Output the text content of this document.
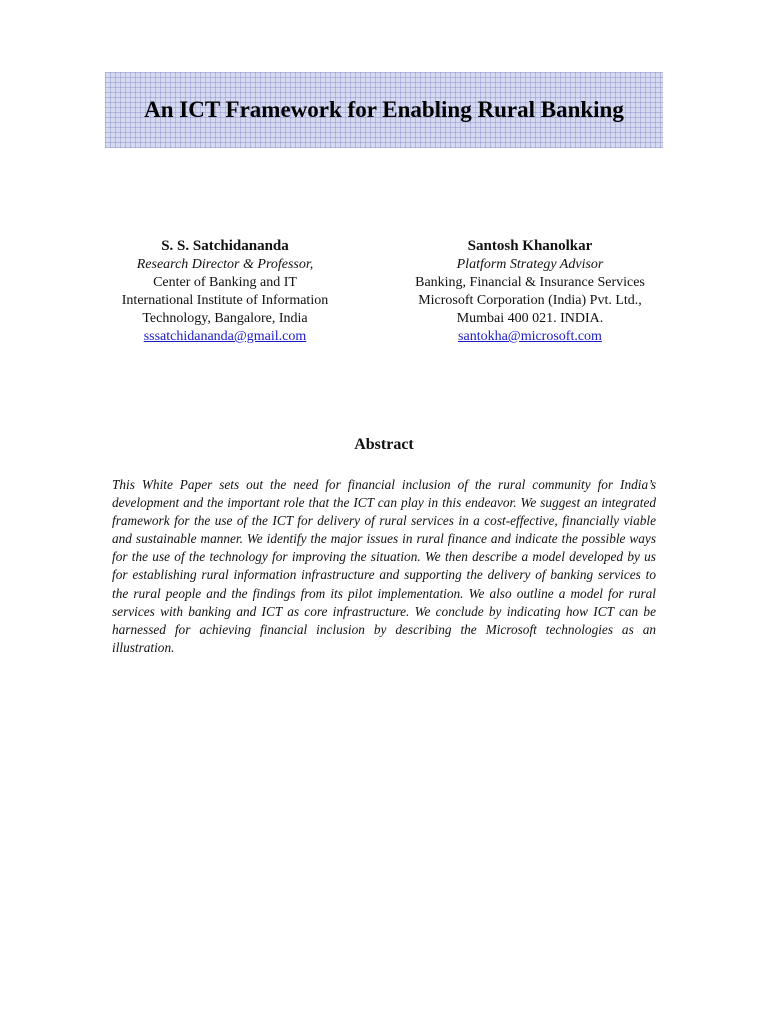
An ICT Framework for Enabling Rural Banking
S. S. Satchidananda
Research Director & Professor,
Center of Banking and IT
International Institute of Information
Technology, Bangalore, India
sssatchidananda@gmail.com
Santosh Khanolkar
Platform Strategy Advisor
Banking, Financial & Insurance Services
Microsoft Corporation (India) Pvt. Ltd.,
Mumbai 400 021. INDIA.
santokha@microsoft.com
Abstract

This White Paper sets out the need for financial inclusion of the rural community for India’s development and the important role that the ICT can play in this endeavor. We suggest an integrated framework for the use of the ICT for delivery of rural services in a cost-effective, financially viable and sustainable manner. We identify the major issues in rural finance and indicate the possible ways for the use of the technology for improving the situation. We then describe a model developed by us for establishing rural information infrastructure and supporting the delivery of banking services to the rural people and the findings from its pilot implementation. We also outline a model for rural services with banking and ICT as core infrastructure. We conclude by indicating how ICT can be harnessed for achieving financial inclusion by describing the Microsoft technologies as an illustration.
